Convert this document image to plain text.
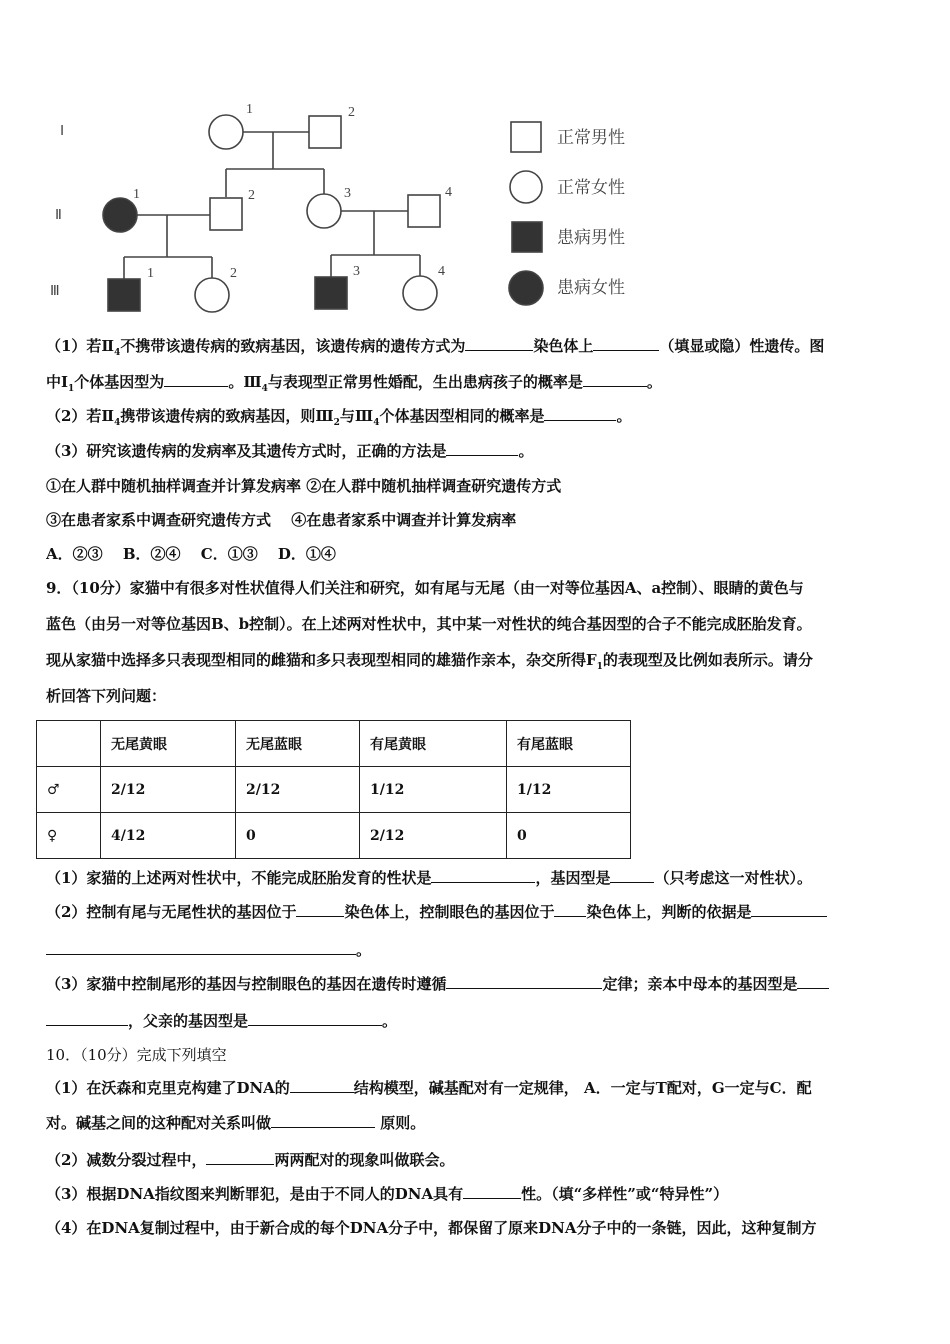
Ⅰ
Ⅱ
Ⅲ
1	2
1	2	3	4
1	2	3	4
正常男性
正常女性
患病男性
患病女性
（1）若$Ⅱ_4$不携带该遗传病的致病基因，该遗传病的遗传方式为	染色体上	（填显或隐）性遗传。图
中$Ⅰ_1$个体基因型为	。$Ⅲ_4$与表现型正常男性婚配，生出患病孩子的概率是	。
（2）若$Ⅱ_4$携带该遗传病的致病基因，则$Ⅲ_2$与$Ⅲ_4$个体基因型相同的概率是	。
（3）研究该遗传病的发病率及其遗传方式时，正确的方法是	。
①在人群中随机抽样调查并计算发病率 ②在人群中随机抽样调查研究遗传方式
③在患者家系中调查研究遗传方式　 ④在患者家系中调查并计算发病率
A．②③　 B．②④　 C．①③　 D．①④
9．（10分）家猫中有很多对性状值得人们关注和研究，如有尾与无尾（由一对等位基因A、a控制）、眼睛的黄色与
蓝色（由另一对等位基因B、b控制）。在上述两对性状中，其中某一对性状的纯合基因型的合子不能完成胚胎发育。
现从家猫中选择多只表现型相同的雌猫和多只表现型相同的雄猫作亲本，杂交所得$F_1$的表现型及比例如表所示。请分
析回答下列问题：
	无尾黄眼	无尾蓝眼	有尾黄眼	有尾蓝眼
♂	2/12	2/12	1/12	1/12
♀	4/12	0	2/12	0
（1）家猫的上述两对性状中，不能完成胚胎发育的性状是	，基因型是	（只考虑这一对性状）。
（2）控制有尾与无尾性状的基因位于	染色体上，控制眼色的基因位于 染色体上，判断的依据是
。
（3）家猫中控制尾形的基因与控制眼色的基因在遗传时遵循	定律；亲本中母本的基因型是
，父亲的基因型是	。
10．（10分）完成下列填空
（1）在沃森和克里克构建了DNA的	结构模型，碱基配对有一定规律， A．一定与T配对，G一定与C．配
对。碱基之间的这种配对关系叫做	原则。
（2）减数分裂过程中，	两两配对的现象叫做联会。
（3）根据DNA指纹图来判断罪犯，是由于不同人的DNA具有	性。（填“多样性”或“特异性”）
（4）在DNA复制过程中，由于新合成的每个DNA分子中，都保留了原来DNA分子中的一条链，因此，这种复制方
